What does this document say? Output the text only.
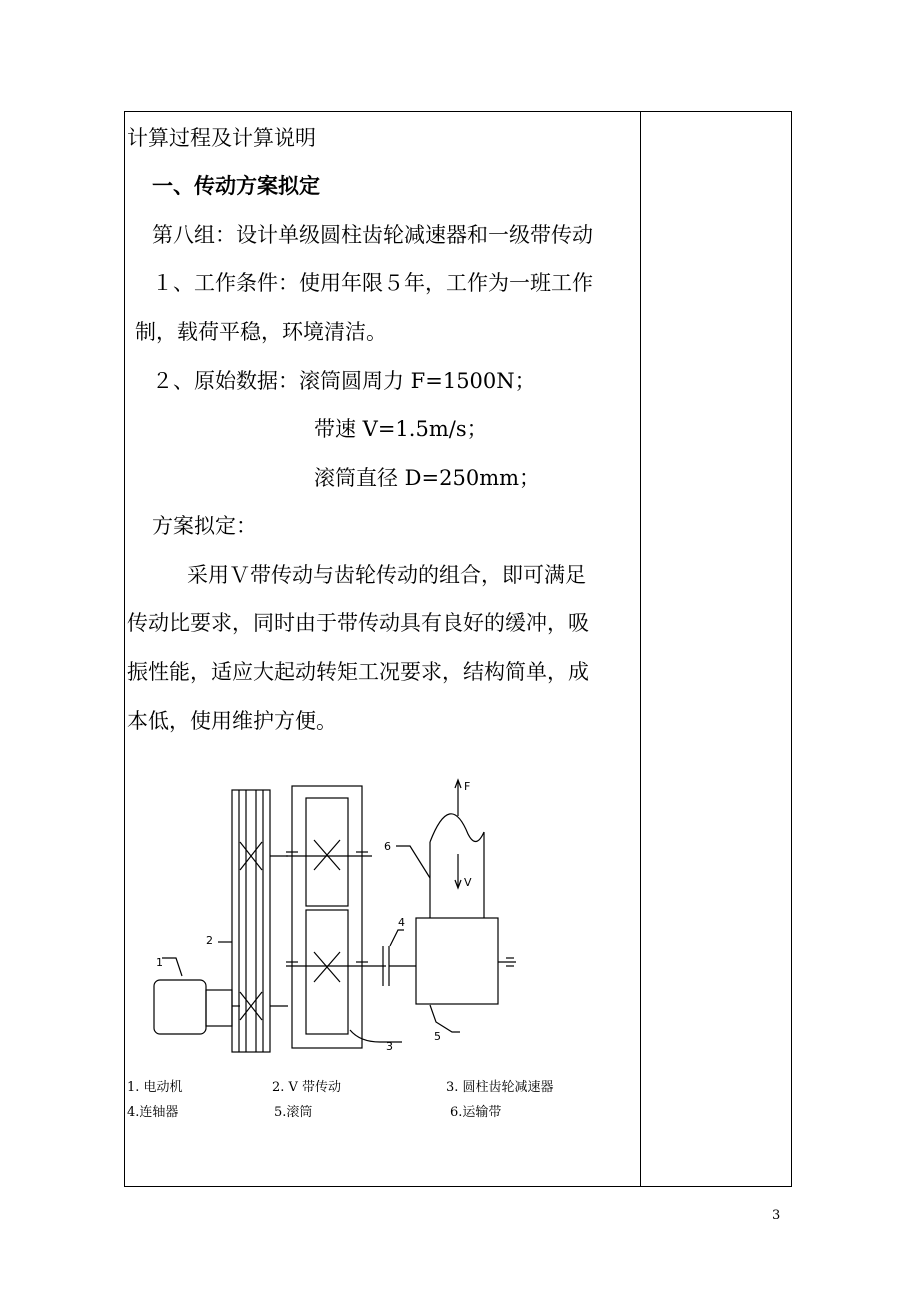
计算过程及计算说明
一、传动方案拟定
第八组：设计单级圆柱齿轮减速器和一级带传动
１、工作条件：使用年限５年，工作为一班工作
制，载荷平稳，环境清洁。
２、原始数据：滚筒圆周力 F=1500N；
带速 V=1.5m/s；
滚筒直径 D=250mm；
方案拟定：
采用Ｖ带传动与齿轮传动的组合，即可满足
传动比要求，同时由于带传动具有良好的缓冲，吸
振性能，适应大起动转矩工况要求，结构简单，成
本低，使用维护方便。
1
2
3
4
5
6
F
V
1. 电动机	2. V 带传动	3. 圆柱齿轮减速器
4.连轴器	5.滚筒	6.运输带
3
